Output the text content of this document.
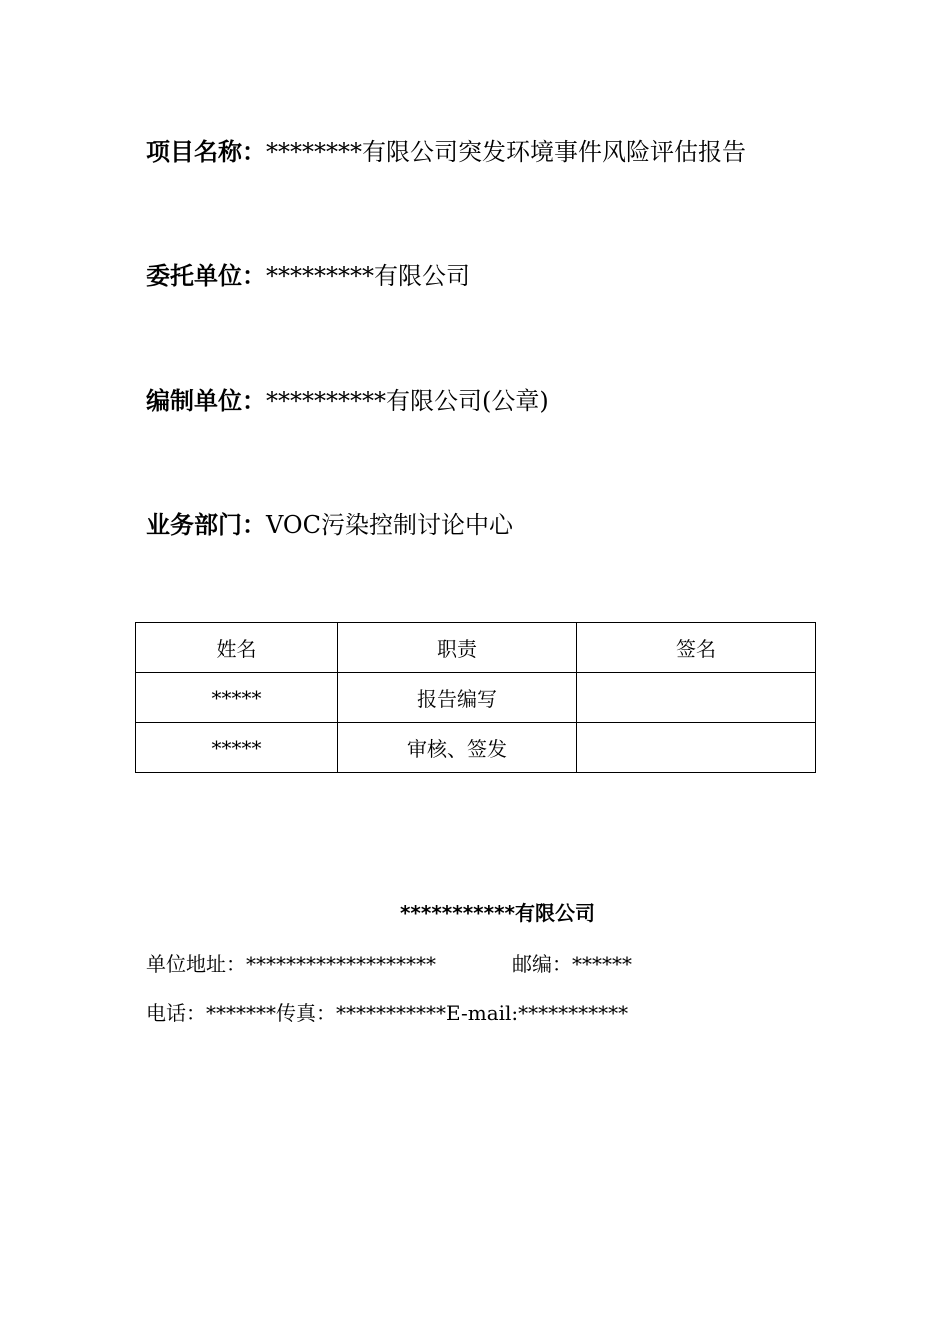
项目名称：********有限公司突发环境事件风险评估报告
委托单位：*********有限公司
编制单位：**********有限公司(公章)
业务部门：VOC污染控制讨论中心
姓名	职责	签名
*****	报告编写	
*****	审核、签发	
***********有限公司
单位地址：*******************	邮编：******
电话：*******传真：***********E-mail:***********
